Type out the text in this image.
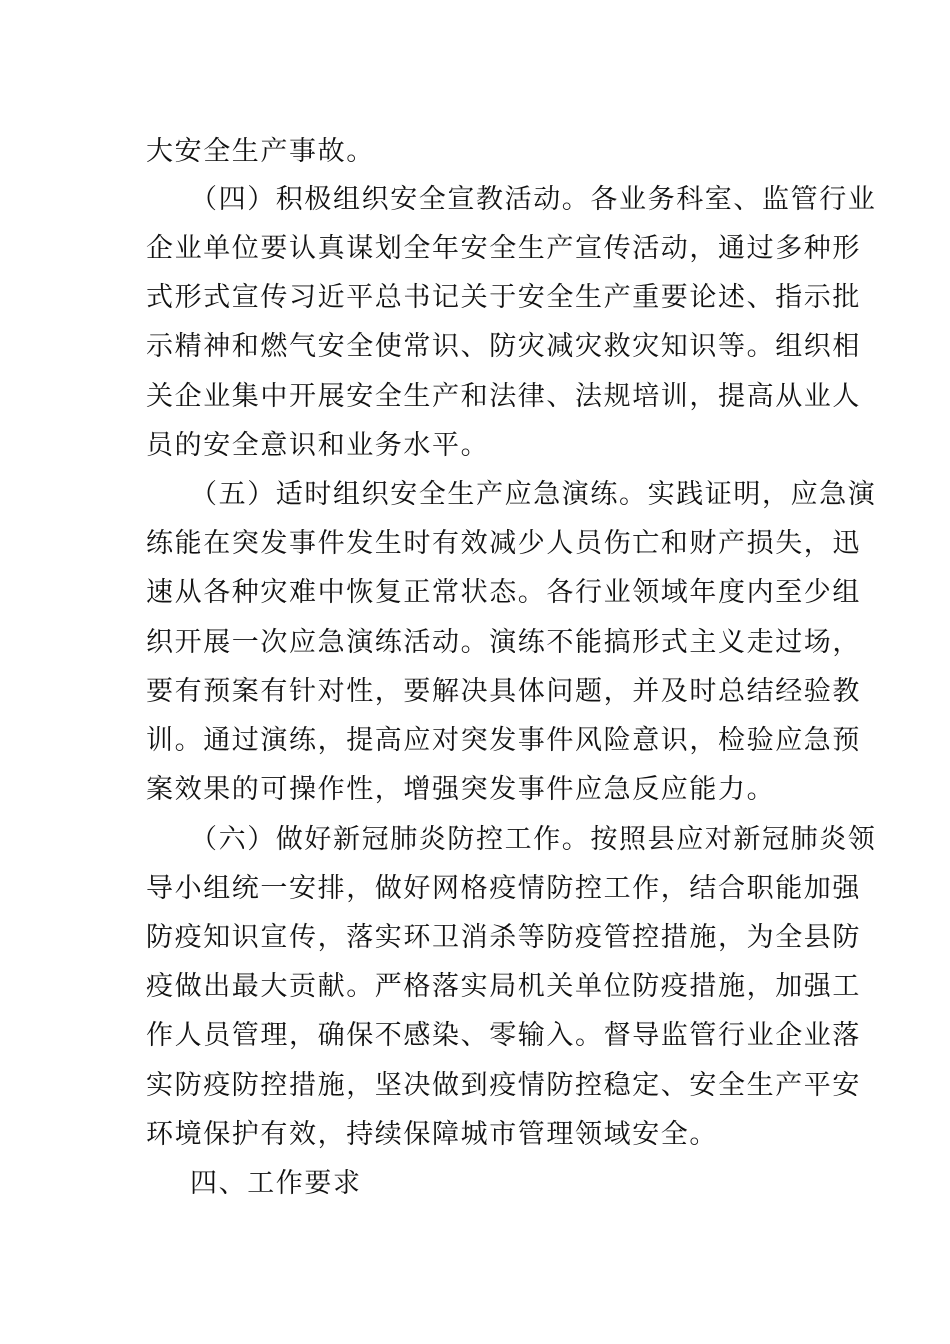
大安全生产事故。
（四）积极组织安全宣教活动。各业务科室、监管行业
企业单位要认真谋划全年安全生产宣传活动，通过多种形
式形式宣传习近平总书记关于安全生产重要论述、指示批
示精神和燃气安全使常识、防灾减灾救灾知识等。组织相
关企业集中开展安全生产和法律、法规培训，提高从业人
员的安全意识和业务水平。
（五）适时组织安全生产应急演练。实践证明，应急演
练能在突发事件发生时有效减少人员伤亡和财产损失，迅
速从各种灾难中恢复正常状态。各行业领域年度内至少组
织开展一次应急演练活动。演练不能搞形式主义走过场，
要有预案有针对性，要解决具体问题，并及时总结经验教
训。通过演练，提高应对突发事件风险意识，检验应急预
案效果的可操作性，增强突发事件应急反应能力。
（六）做好新冠肺炎防控工作。按照县应对新冠肺炎领
导小组统一安排，做好网格疫情防控工作，结合职能加强
防疫知识宣传，落实环卫消杀等防疫管控措施，为全县防
疫做出最大贡献。严格落实局机关单位防疫措施，加强工
作人员管理，确保不感染、零输入。督导监管行业企业落
实防疫防控措施，坚决做到疫情防控稳定、安全生产平安
环境保护有效，持续保障城市管理领域安全。
四、工作要求
